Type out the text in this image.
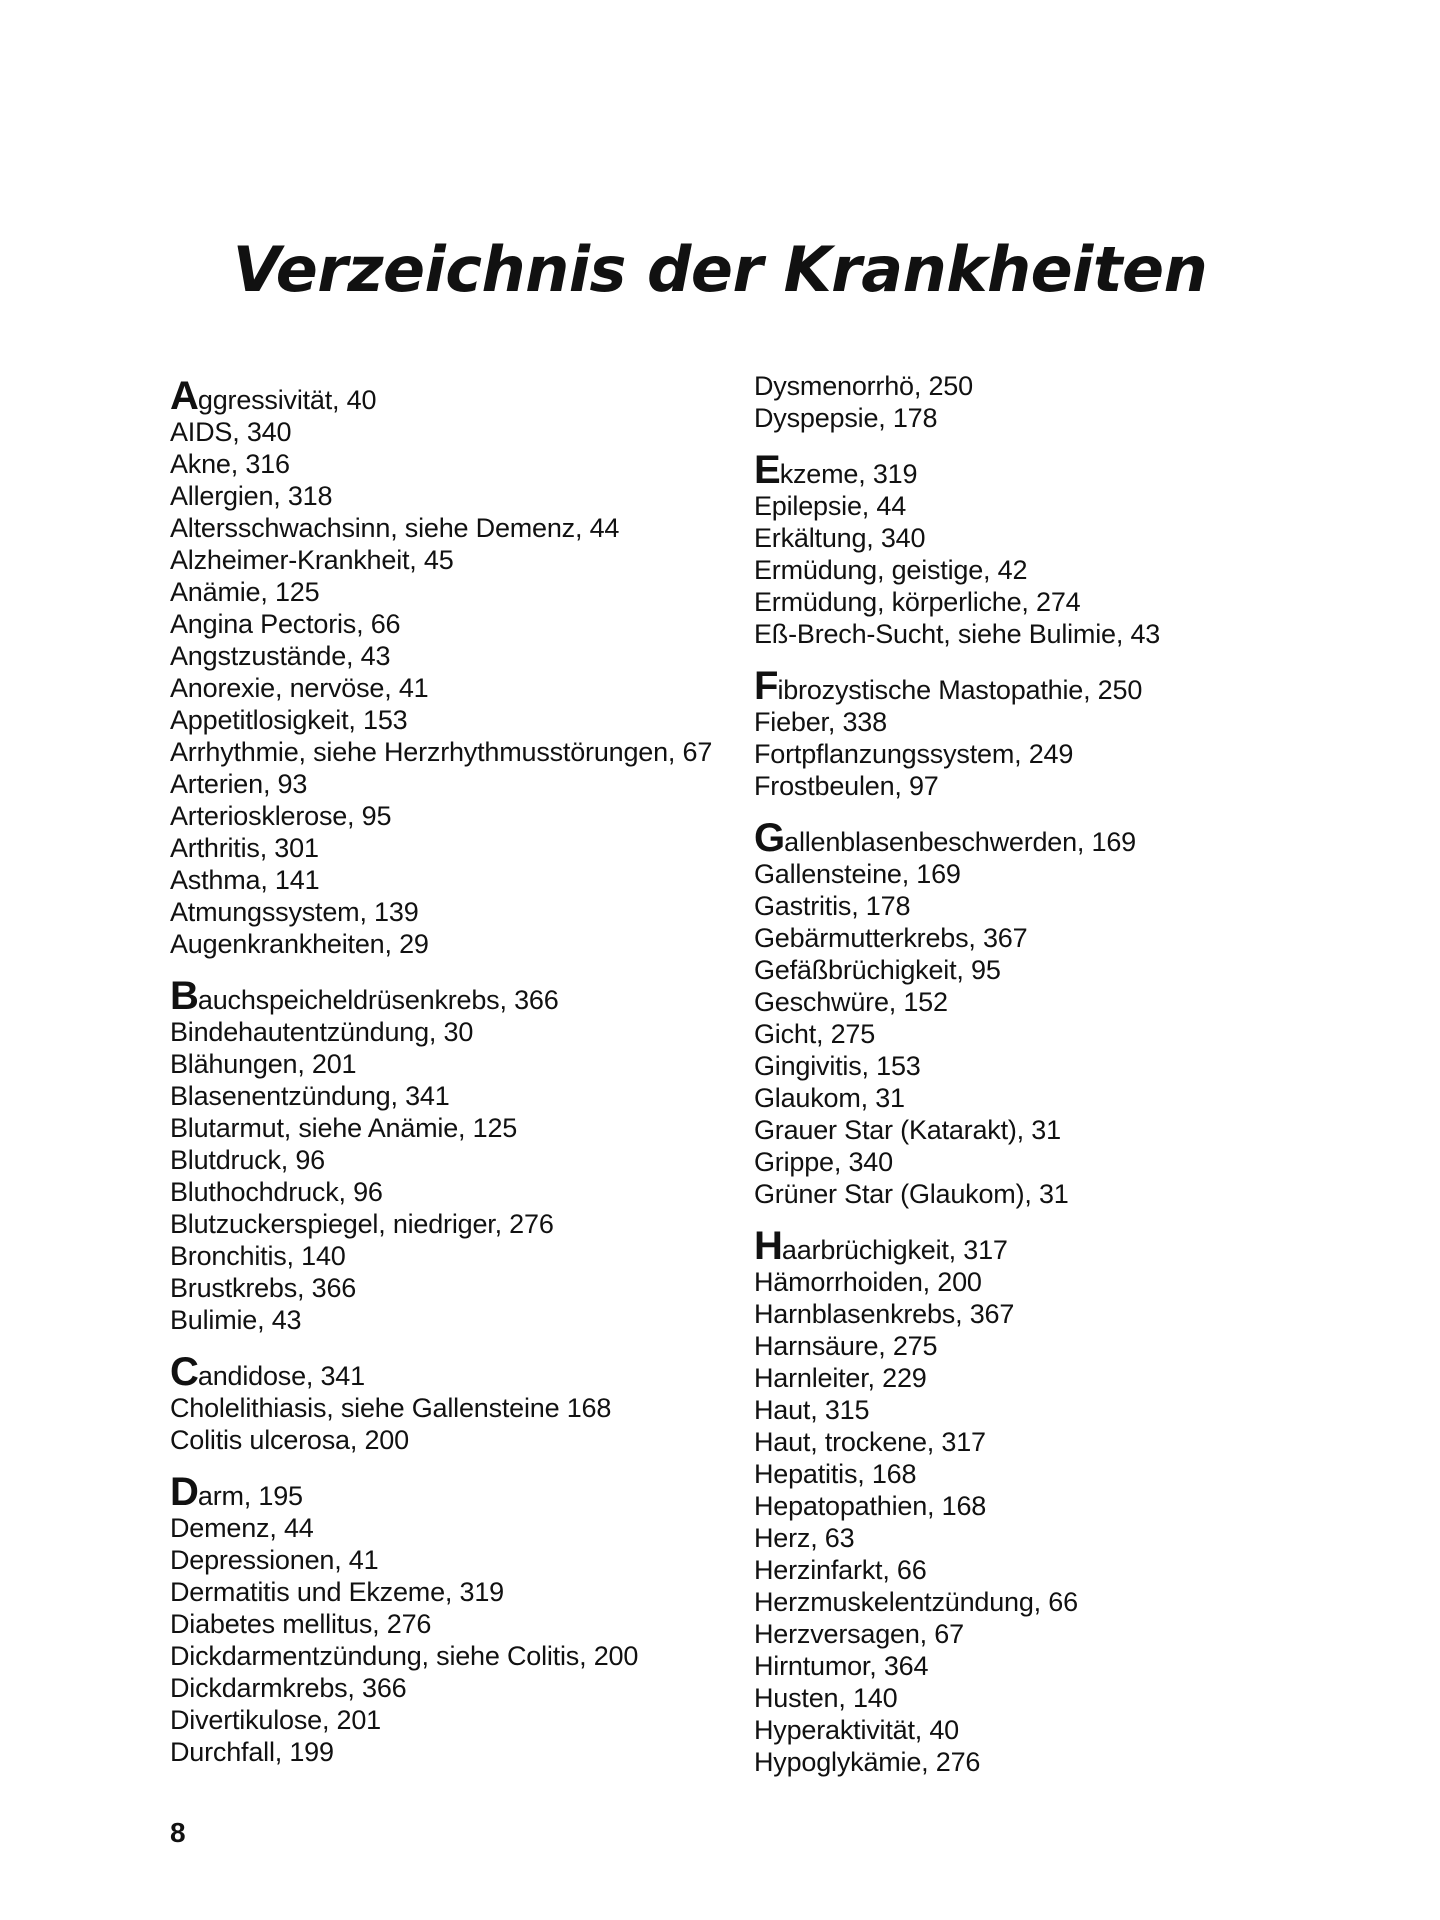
Verzeichnis der Krankheiten
Aggressivität, 40
AIDS, 340
Akne, 316
Allergien, 318
Altersschwachsinn, siehe Demenz, 44
Alzheimer-Krankheit, 45
Anämie, 125
Angina Pectoris, 66
Angstzustände, 43
Anorexie, nervöse, 41
Appetitlosigkeit, 153
Arrhythmie, siehe Herzrhythmusstörungen, 67
Arterien, 93
Arteriosklerose, 95
Arthritis, 301
Asthma, 141
Atmungssystem, 139
Augenkrankheiten, 29
Bauchspeicheldrüsenkrebs, 366
Bindehautentzündung, 30
Blähungen, 201
Blasenentzündung, 341
Blutarmut, siehe Anämie, 125
Blutdruck, 96
Bluthochdruck, 96
Blutzuckerspiegel, niedriger, 276
Bronchitis, 140
Brustkrebs, 366
Bulimie, 43
Candidose, 341
Cholelithiasis, siehe Gallensteine 168
Colitis ulcerosa, 200
Darm, 195
Demenz, 44
Depressionen, 41
Dermatitis und Ekzeme, 319
Diabetes mellitus, 276
Dickdarmentzündung, siehe Colitis, 200
Dickdarmkrebs, 366
Divertikulose, 201
Durchfall, 199
Dysmenorrhö, 250
Dyspepsie, 178
Ekzeme, 319
Epilepsie, 44
Erkältung, 340
Ermüdung, geistige, 42
Ermüdung, körperliche, 274
Eß-Brech-Sucht, siehe Bulimie, 43
Fibrozystische Mastopathie, 250
Fieber, 338
Fortpflanzungssystem, 249
Frostbeulen, 97
Gallenblasenbeschwerden, 169
Gallensteine, 169
Gastritis, 178
Gebärmutterkrebs, 367
Gefäßbrüchigkeit, 95
Geschwüre, 152
Gicht, 275
Gingivitis, 153
Glaukom, 31
Grauer Star (Katarakt), 31
Grippe, 340
Grüner Star (Glaukom), 31
Haarbrüchigkeit, 317
Hämorrhoiden, 200
Harnblasenkrebs, 367
Harnsäure, 275
Harnleiter, 229
Haut, 315
Haut, trockene, 317
Hepatitis, 168
Hepatopathien, 168
Herz, 63
Herzinfarkt, 66
Herzmuskelentzündung, 66
Herzversagen, 67
Hirntumor, 364
Husten, 140
Hyperaktivität, 40
Hypoglykämie, 276

8
